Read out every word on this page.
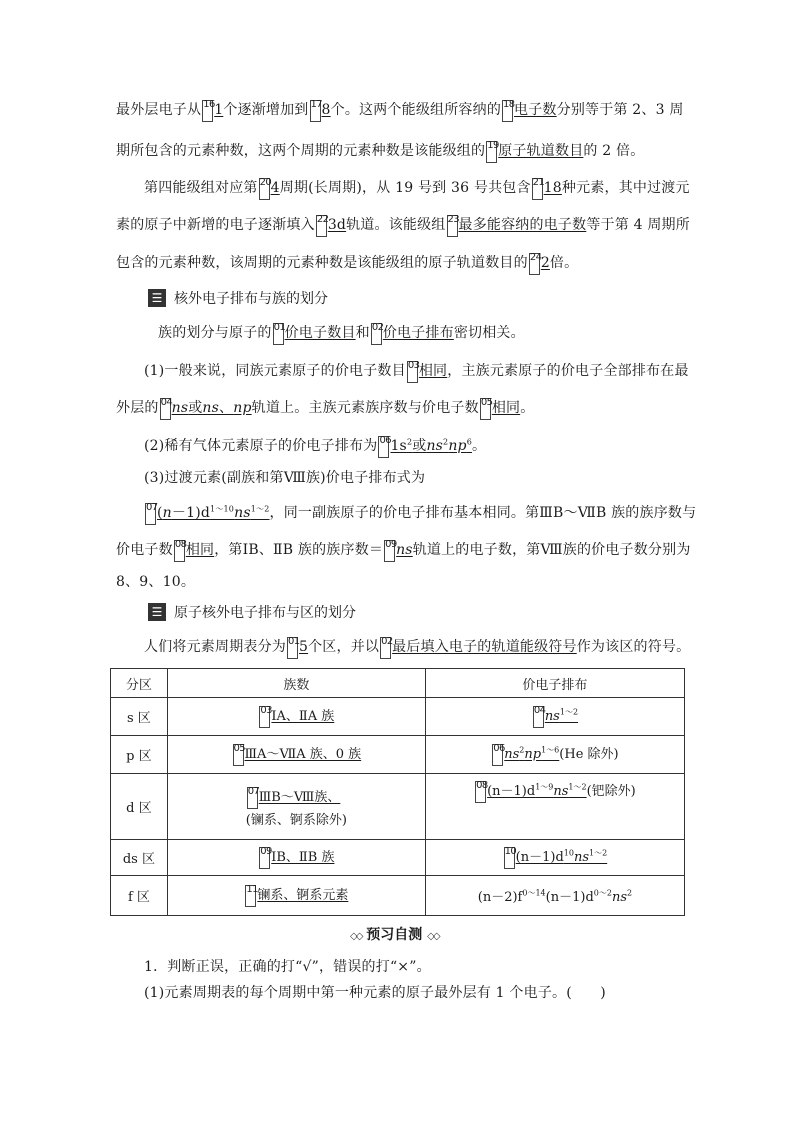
最外层电子从 16 1个逐渐增加到 17 8个。这两个能级组所容纳的 18 电子数分别等于第 2、3 周
期所包含的元素种数，这两个周期的元素种数是该能级组的 19 原子轨道数目的 2 倍。
第四能级组对应第 20 4周期(长周期)，从 19 号到 36 号共包含 21 18种元素，其中过渡元
素的原子中新增的电子逐渐填入 22 3d轨道。该能级组 23 最多能容纳的电子数等于第 4 周期所
包含的元素种数，该周期的元素种数是该能级组的原子轨道数目的 24 2倍。
☰ 核外电子排布与族的划分
族的划分与原子的 01 价电子数目和 02 价电子排布密切相关。
(1)一般来说，同族元素原子的价电子数目 03 相同，主族元素原子的价电子全部排布在最
外层的 04 ns或ns、np轨道上。主族元素族序数与价电子数 05 相同。
(2)稀有气体元素原子的价电子排布为 06 $1s^2$或$ns^2np^6$。
(3)过渡元素(副族和第Ⅷ族)价电子排布式为
07 $(n-1)d^{1\sim 10}ns^{1\sim 2}$，同一副族原子的价电子排布基本相同。第ⅢB～ⅦB 族的族序数与
价电子数 08 相同，第ⅠB、ⅡB 族的族序数＝ 09 ns轨道上的电子数，第Ⅷ族的价电子数分别为
8、9、10。
☰ 原子核外电子排布与区的划分
人们将元素周期表分为 01 5个区，并以 02 最后填入电子的轨道能级符号作为该区的符号。
分区	族数	价电子排布
s 区	03 ⅠA、ⅡA 族	04 $ns^{1\sim 2}$
p 区	05 ⅢA～ⅦA 族、0 族	06 $ns^2np^{1\sim 6}(He$ 除外)
d 区	07 ⅢB～Ⅷ族、
(镧系、锕系除外)	08 $(n-1)d^{1\sim 9}ns^{1\sim 2}$(钯除外)
ds 区	09 ⅠB、ⅡB 族	10 $(n-1)d^{10}ns^{1\sim 2}$
f 区	11 镧系、锕系元素	$(n-2)f^{0\sim 14}(n-1)d^{0\sim 2}ns^2$
◇◇ 预习自测 ◇◇
1．判断正误，正确的打“√”，错误的打“×”。
(1)元素周期表的每个周期中第一种元素的原子最外层有 1 个电子。(　　)
